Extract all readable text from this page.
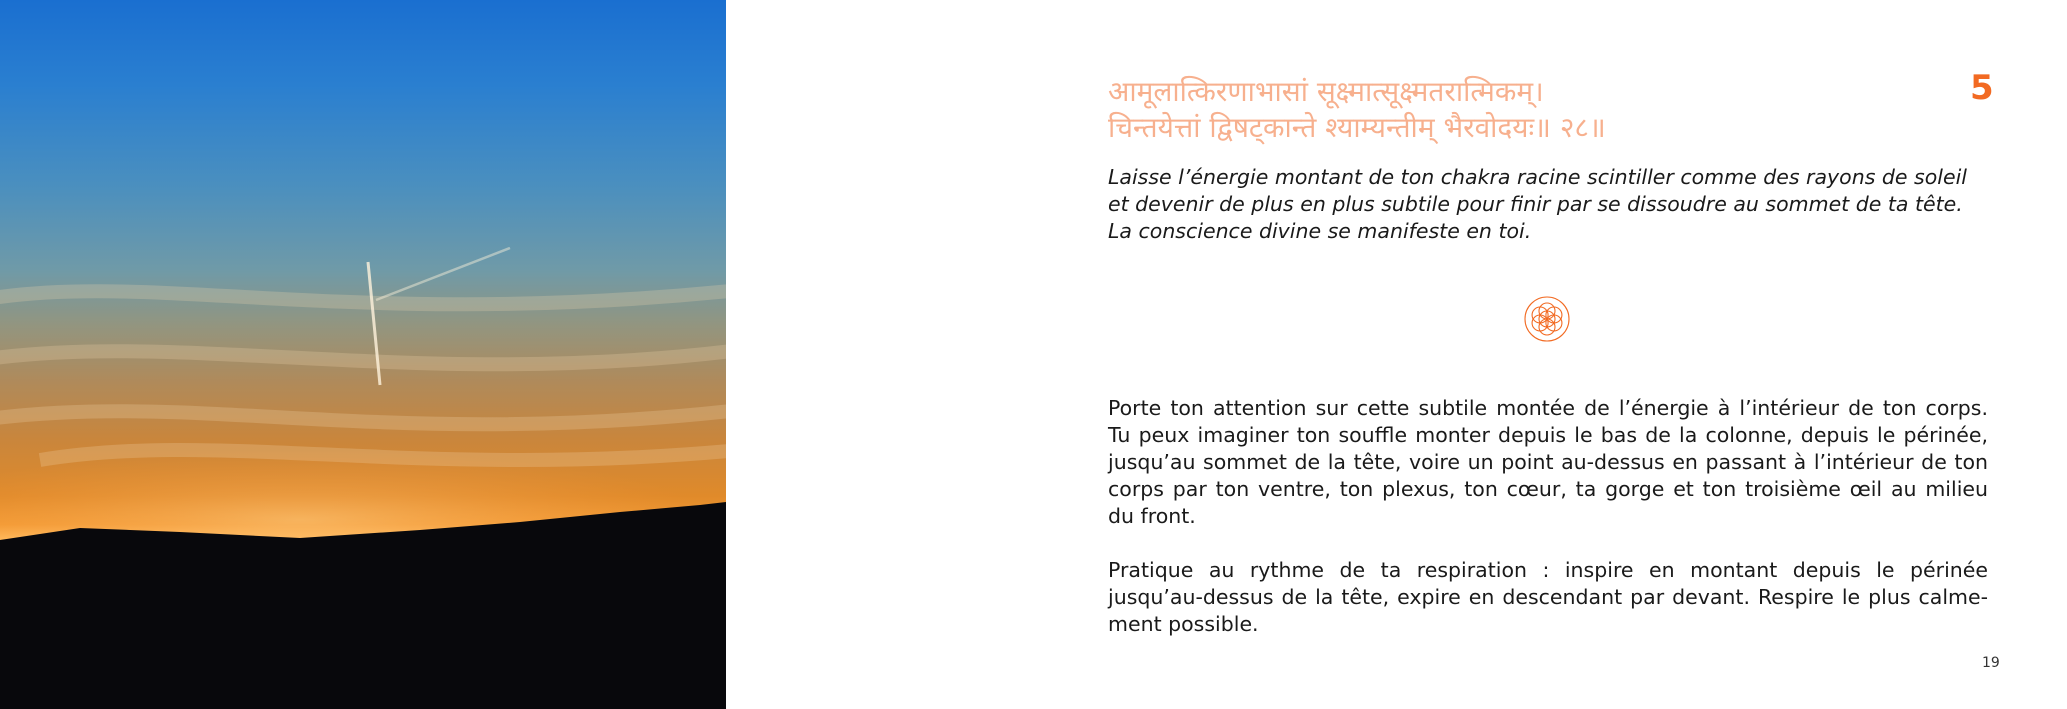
आमूलात्किरणाभासां सूक्ष्मात्सूक्ष्मतरात्मिकम्।
चिन्तयेत्तां द्विषट्कान्ते श्याम्यन्तीम् भैरवोदयः॥ २८॥
5
Laisse l’énergie montant de ton chakra racine scintiller comme des rayons de soleil
et devenir de plus en plus subtile pour finir par se dissoudre au sommet de ta tête.
La conscience divine se manifeste en toi.
Porte ton attention sur cette subtile montée de l’énergie à l’intérieur de ton corps.
Tu peux imaginer ton souffle monter depuis le bas de la colonne, depuis le périnée,
jusqu’au sommet de la tête, voire un point au-dessus en passant à l’intérieur de ton
corps par ton ventre, ton plexus, ton cœur, ta gorge et ton troisième œil au milieu
du front.
Pratique au rythme de ta respiration : inspire en montant depuis le périnée
jusqu’au-dessus de la tête, expire en descendant par devant. Respire le plus calme-
ment possible.
19
